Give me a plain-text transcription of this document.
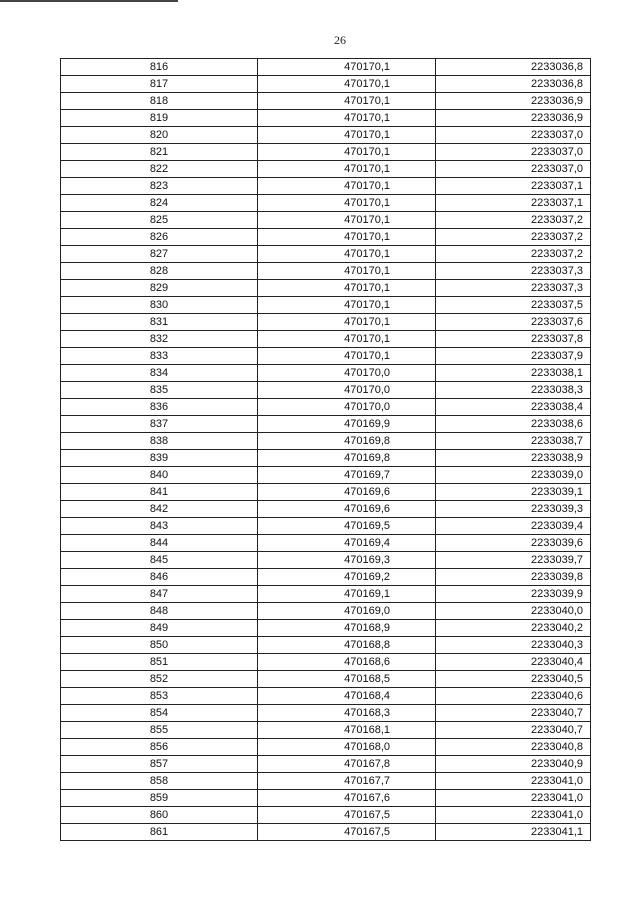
26
816	470170,1	2233036,8
817	470170,1	2233036,8
818	470170,1	2233036,9
819	470170,1	2233036,9
820	470170,1	2233037,0
821	470170,1	2233037,0
822	470170,1	2233037,0
823	470170,1	2233037,1
824	470170,1	2233037,1
825	470170,1	2233037,2
826	470170,1	2233037,2
827	470170,1	2233037,2
828	470170,1	2233037,3
829	470170,1	2233037,3
830	470170,1	2233037,5
831	470170,1	2233037,6
832	470170,1	2233037,8
833	470170,1	2233037,9
834	470170,0	2233038,1
835	470170,0	2233038,3
836	470170,0	2233038,4
837	470169,9	2233038,6
838	470169,8	2233038,7
839	470169,8	2233038,9
840	470169,7	2233039,0
841	470169,6	2233039,1
842	470169,6	2233039,3
843	470169,5	2233039,4
844	470169,4	2233039,6
845	470169,3	2233039,7
846	470169,2	2233039,8
847	470169,1	2233039,9
848	470169,0	2233040,0
849	470168,9	2233040,2
850	470168,8	2233040,3
851	470168,6	2233040,4
852	470168,5	2233040,5
853	470168,4	2233040,6
854	470168,3	2233040,7
855	470168,1	2233040,7
856	470168,0	2233040,8
857	470167,8	2233040,9
858	470167,7	2233041,0
859	470167,6	2233041,0
860	470167,5	2233041,0
861	470167,5	2233041,1
